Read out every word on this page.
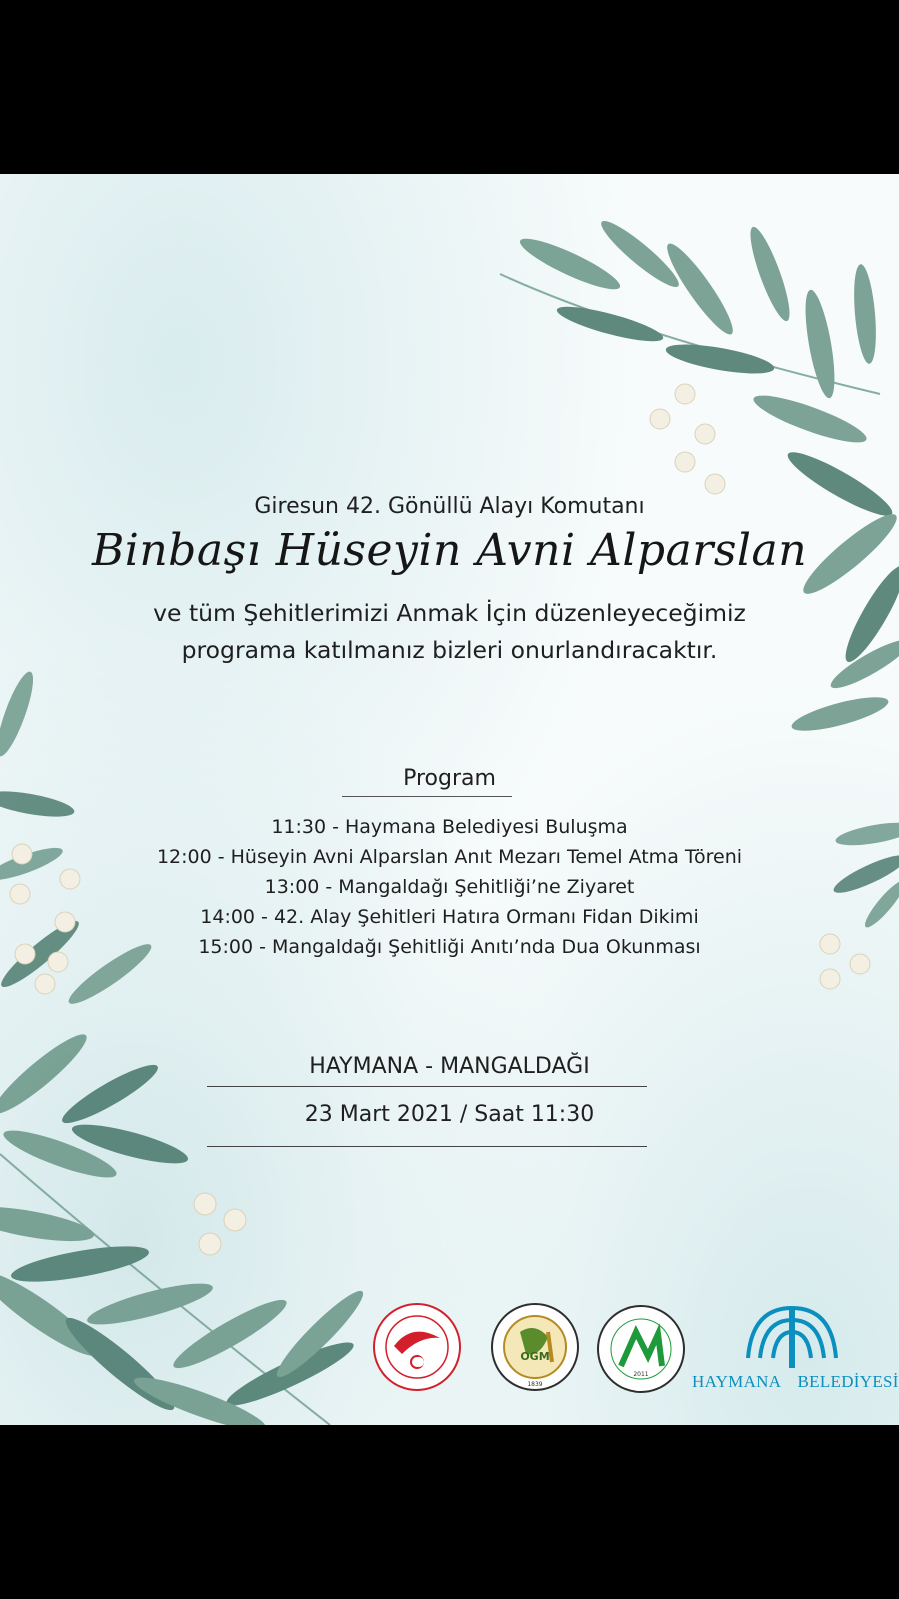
Giresun 42. Gönüllü Alayı Komutanı
Binbaşı Hüseyin Avni Alparslan
ve tüm Şehitlerimizi Anmak İçin düzenleyeceğimiz
programa katılmanız bizleri onurlandıracaktır.
Program
11:30 - Haymana Belediyesi Buluşma
12:00 - Hüseyin Avni Alparslan Anıt Mezarı Temel Atma Töreni
13:00 - Mangaldağı Şehitliği’ne Ziyaret
14:00 - 42. Alay Şehitleri Hatıra Ormanı Fidan Dikimi
15:00 - Mangaldağı Şehitliği Anıtı’nda Dua Okunması
HAYMANA - MANGALDAĞI
23 Mart 2021 / Saat 11:30
OGM
1839
2011	HAYMANA BELEDİYESİ
